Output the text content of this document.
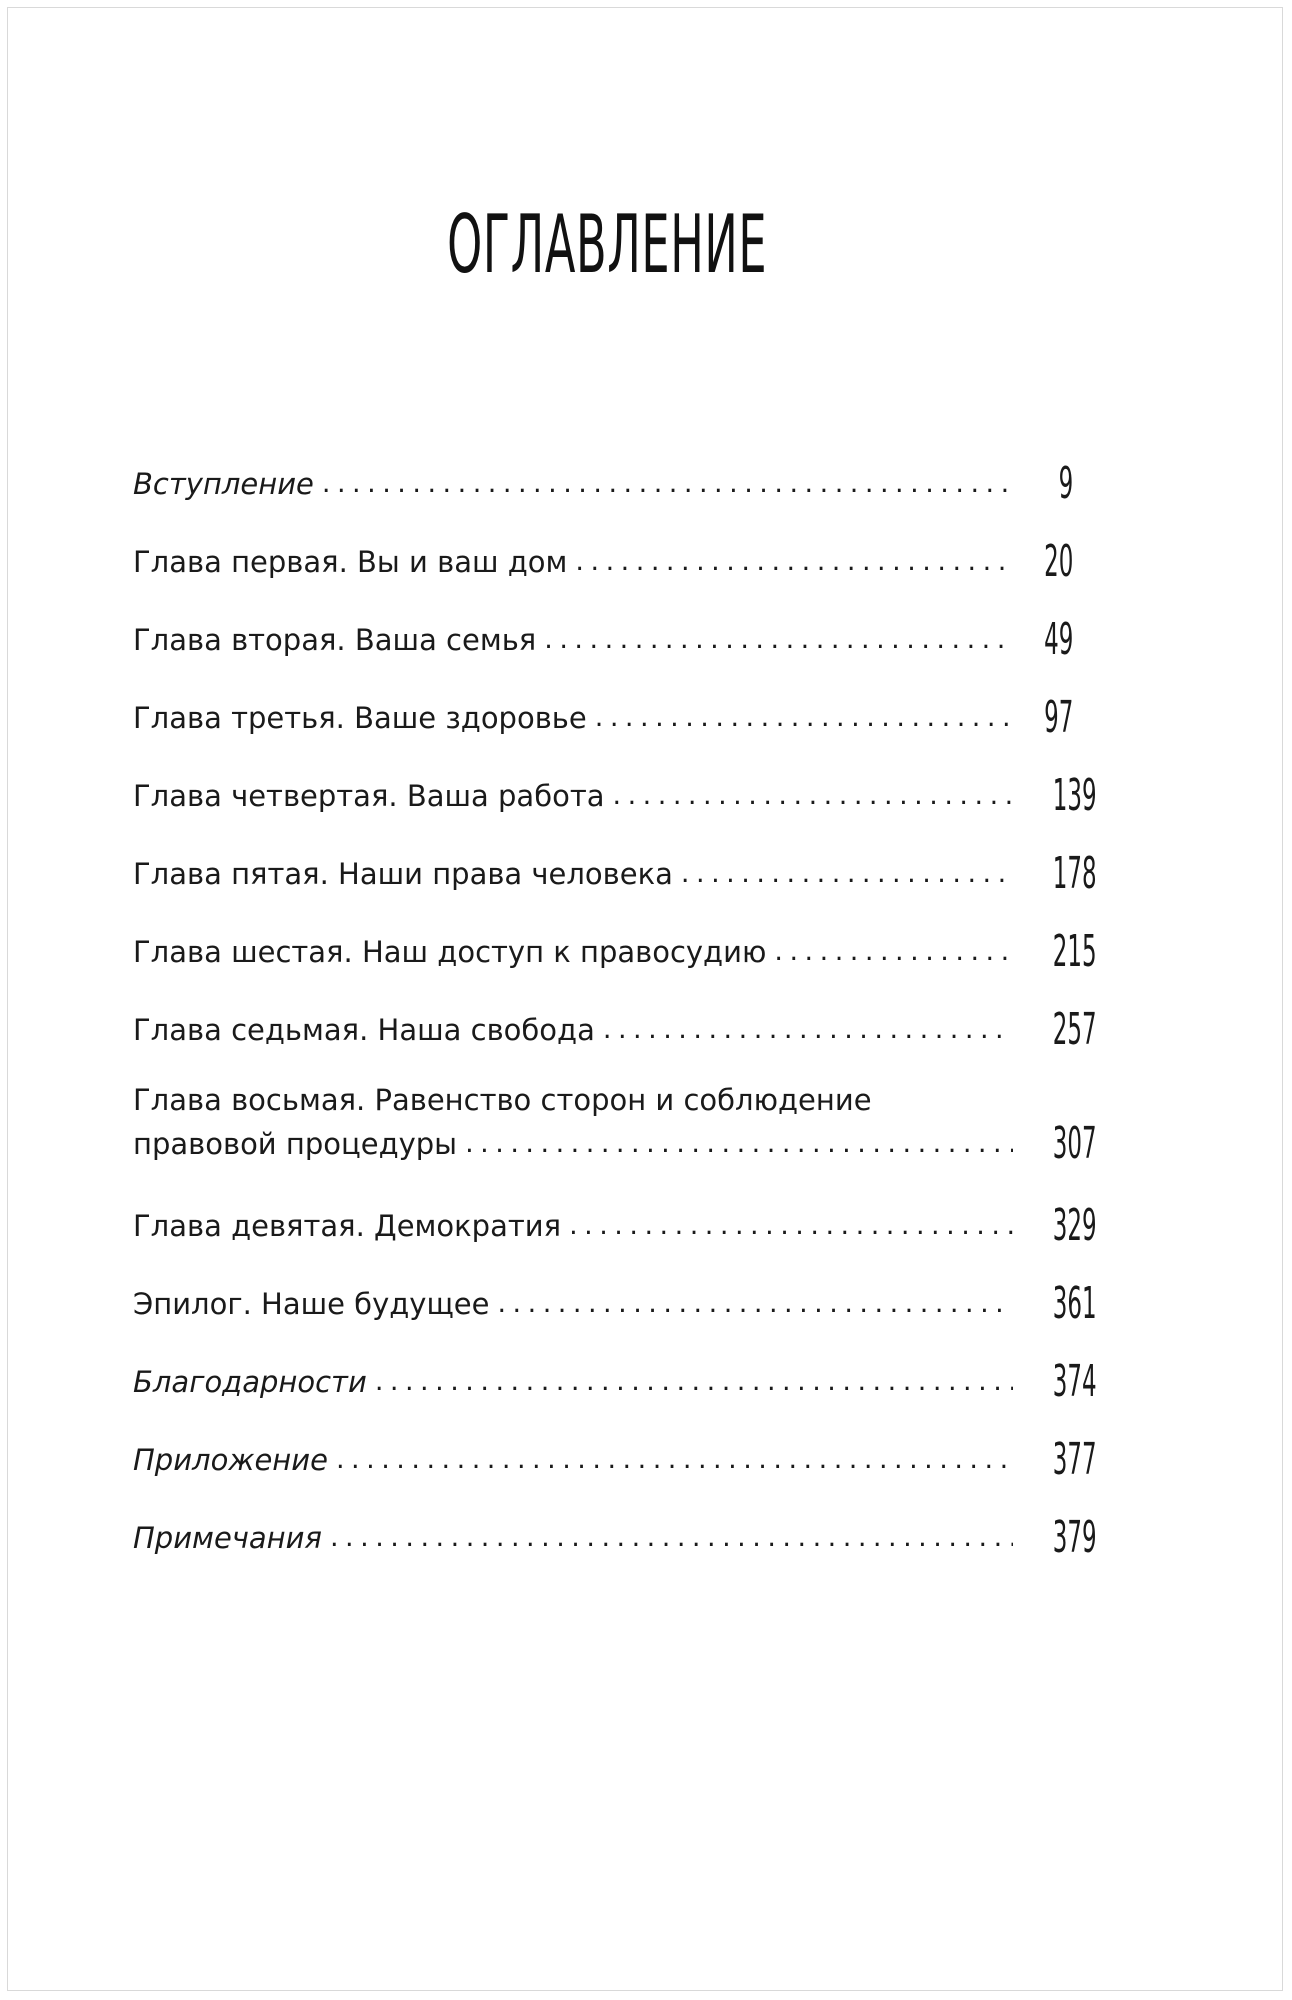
ОГЛАВЛЕНИЕ
Вступление .....	9
Глава первая. Вы и ваш дом .....	20
Глава вторая. Ваша семья .....	49
Глава третья. Ваше здоровье .....	97
Глава четвертая. Ваша работа .....	139
Глава пятая. Наши права человека .....	178
Глава шестая. Наш доступ к правосудию .....	215
Глава седьмая. Наша свобода .....	257
Глава восьмая. Равенство сторон и соблюдение
правовой процедуры .....	307
Глава девятая. Демократия .....	329
Эпилог. Наше будущее .....	361
Благодарности .....	374
Приложение .....	377
Примечания .....	379
